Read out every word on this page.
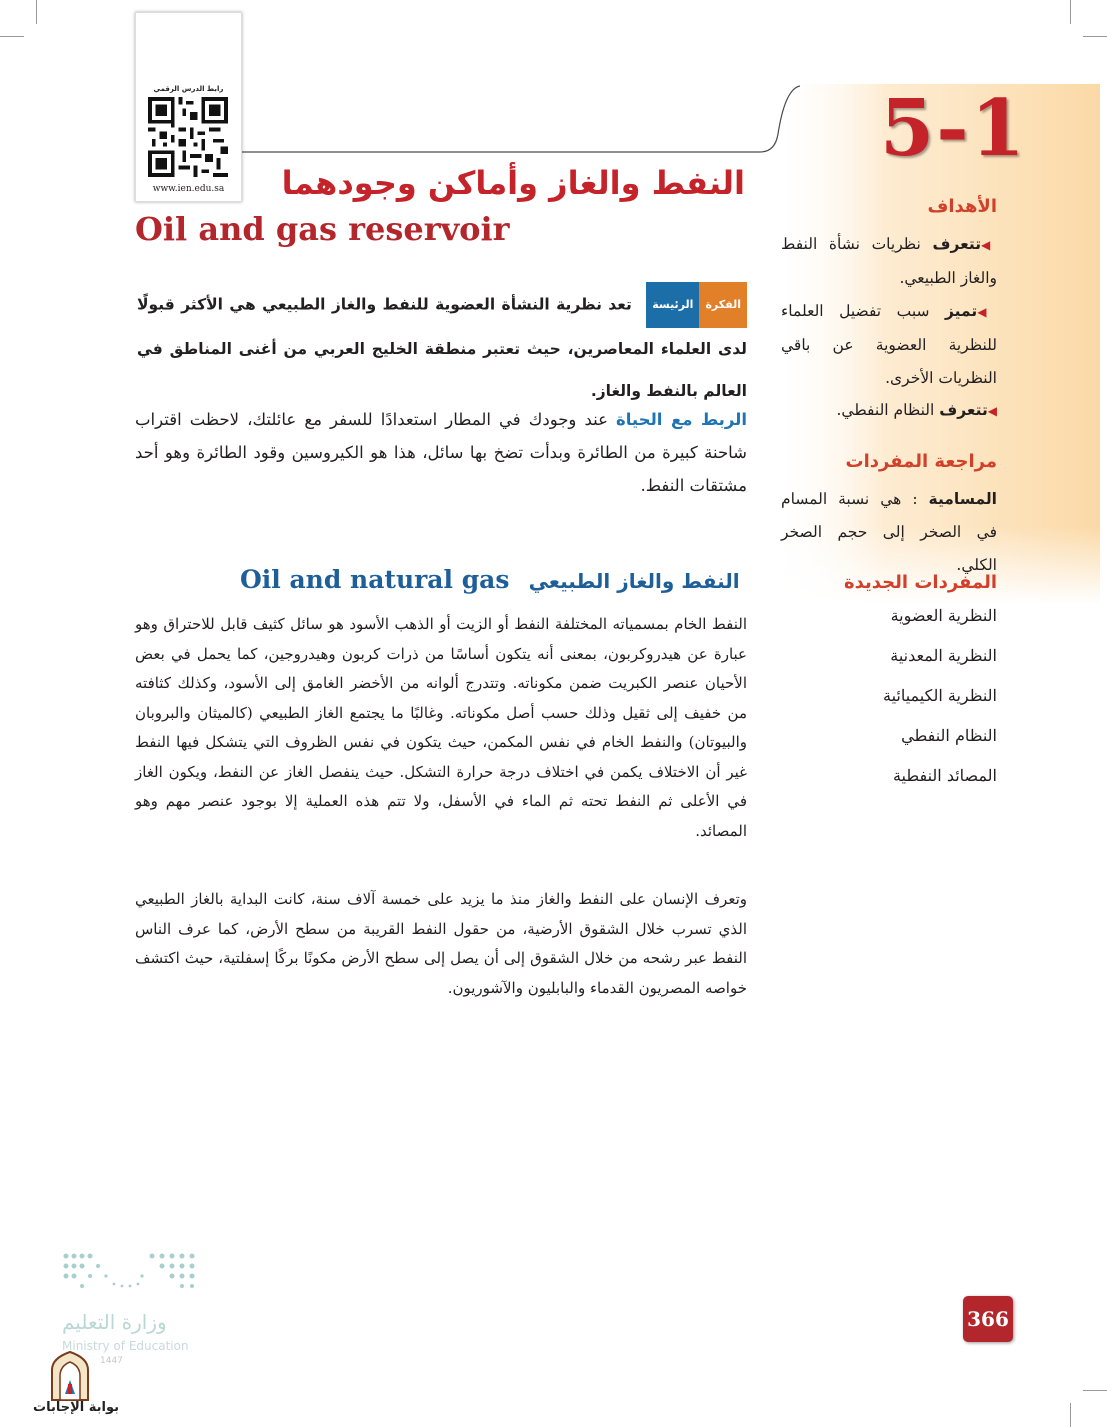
رابط الدرس الرقمي
www.ien.edu.sa
5-1
النفط والغاز وأماكن وجودهما
Oil and gas reservoir
الفكرة
الرئيسة
تعد نظرية النشأة العضوية للنفط والغاز الطبيعي هي الأكثر قبولًا لدى العلماء المعاصرين، حيث تعتبر منطقة الخليج العربي من أغنى المناطق في العالم بالنفط والغاز.
الربط مع الحياة عند وجودك في المطار استعدادًا للسفر مع عائلتك، لاحظت اقتراب شاحنة كبيرة من الطائرة وبدأت تضخ بها سائل، هذا هو الكيروسين وقود الطائرة وهو أحد مشتقات النفط.
Oil and natural gas النفط والغاز الطبيعي
النفط الخام بمسمياته المختلفة النفط أو الزيت أو الذهب الأسود هو سائل كثيف قابل للاحتراق وهو عبارة عن هيدروكربون، بمعنى أنه يتكون أساسًا من ذرات كربون وهيدروجين، كما يحمل في بعض الأحيان عنصر الكبريت ضمن مكوناته. وتتدرج ألوانه من الأخضر الغامق إلى الأسود، وكذلك كثافته من خفيف إلى ثقيل وذلك حسب أصل مكوناته. وغالبًا ما يجتمع الغاز الطبيعي (كالميثان والبروبان والبيوتان) والنفط الخام في نفس المكمن، حيث يتكون في نفس الظروف التي يتشكل فيها النفط غير أن الاختلاف يكمن في اختلاف درجة حرارة التشكل. حيث ينفصل الغاز عن النفط، ويكون الغاز في الأعلى ثم النفط تحته ثم الماء في الأسفل، ولا تتم هذه العملية إلا بوجود عنصر مهم وهو المصائد.
وتعرف الإنسان على النفط والغاز منذ ما يزيد على خمسة آلاف سنة، كانت البداية بالغاز الطبيعي الذي تسرب خلال الشقوق الأرضية، من حقول النفط القريبة من سطح الأرض، كما عرف الناس النفط عبر رشحه من خلال الشقوق إلى أن يصل إلى سطح الأرض مكونًا بركًا إسفلتية، حيث اكتشف خواصه المصريون القدماء والبابليون والآشوريون.
الأهداف
◀تتعرف نظريات نشأة النفط والغاز الطبيعي.
◀تميز سبب تفضيل العلماء للنظرية العضوية عن باقي النظريات الأخرى.
◀تتعرف النظام النفطي.
مراجعة المفردات
المسامية : هي نسبة المسام في الصخر إلى حجم الصخر الكلي.
المفردات الجديدة
النظرية العضوية
النظرية المعدنية
النظرية الكيميائية
النظام النفطي
المصائد النفطية
وزارة التعليم
Ministry of Education
1447
بوابة الإجابات
366
